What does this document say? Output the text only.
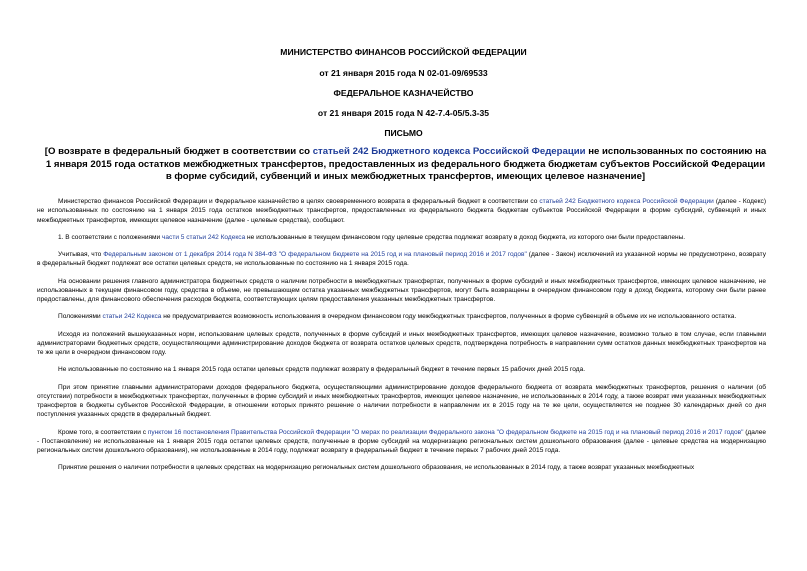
МИНИСТЕРСТВО ФИНАНСОВ РОССИЙСКОЙ ФЕДЕРАЦИИ
от 21 января 2015 года N 02-01-09/69533
ФЕДЕРАЛЬНОЕ КАЗНАЧЕЙСТВО
от 21 января 2015 года N 42-7.4-05/5.3-35
ПИСЬМО
[О возврате в федеральный бюджет в соответствии со статьей 242 Бюджетного кодекса Российской Федерации не использованных по состоянию на 1 января 2015 года остатков межбюджетных трансфертов, предоставленных из федерального бюджета бюджетам субъектов Российской Федерации в форме субсидий, субвенций и иных межбюджетных трансфертов, имеющих целевое назначение]

Министерство финансов Российской Федерации и Федеральное казначейство в целях своевременного возврата в федеральный бюджет в соответствии со статьей 242 Бюджетного кодекса Российской Федерации (далее - Кодекс) не использованных по состоянию на 1 января 2015 года остатков межбюджетных трансфертов, предоставленных из федерального бюджета бюджетам субъектов Российской Федерации в форме субсидий, субвенций и иных межбюджетных трансфертов, имеющих целевое назначение (далее - целевые средства), сообщают.

1. В соответствии с положениями части 5 статьи 242 Кодекса не использованные в текущем финансовом году целевые средства подлежат возврату в доход бюджета, из которого они были предоставлены.

Учитывая, что Федеральным законом от 1 декабря 2014 года N 384-ФЗ "О федеральном бюджете на 2015 год и на плановый период 2016 и 2017 годов" (далее - Закон) исключений из указанной нормы не предусмотрено, возврату в федеральный бюджет подлежат все остатки целевых средств, не использованные по состоянию на 1 января 2015 года.

На основании решения главного администратора бюджетных средств о наличии потребности в межбюджетных трансфертах, полученных в форме субсидий и иных межбюджетных трансфертов, имеющих целевое назначение, не использованных в текущем финансовом году, средства в объеме, не превышающем остатка указанных межбюджетных трансфертов, могут быть возвращены в очередном финансовом году в доход бюджета, которому они были ранее предоставлены, для финансового обеспечения расходов бюджета, соответствующих целям предоставления указанных межбюджетных трансфертов.

Положениями статьи 242 Кодекса не предусматривается возможность использования в очередном финансовом году межбюджетных трансфертов, полученных в форме субвенций в объеме их не использованного остатка.

Исходя из положений вышеуказанных норм, использование целевых средств, полученных в форме субсидий и иных межбюджетных трансфертов, имеющих целевое назначение, возможно только в том случае, если главными администраторами бюджетных средств, осуществляющими администрирование доходов бюджета от возврата остатков целевых средств, подтверждена потребность в направлении сумм остатков данных межбюджетных трансфертов на те же цели в очередном финансовом году.

Не использованные по состоянию на 1 января 2015 года остатки целевых средств подлежат возврату в федеральный бюджет в течение первых 15 рабочих дней 2015 года.

При этом принятие главными администраторами доходов федерального бюджета, осуществляющими администрирование доходов федерального бюджета от возврата межбюджетных трансфертов, решения о наличии (об отсутствии) потребности в межбюджетных трансфертах, полученных в форме субсидий и иных межбюджетных трансфертов, имеющих целевое назначение, не использованных в 2014 году, а также возврат ими указанных межбюджетных трансфертов в бюджеты субъектов Российской Федерации, в отношении которых принято решение о наличии потребности в направлении их в 2015 году на те же цели, осуществляется не позднее 30 календарных дней со дня поступления указанных средств в федеральный бюджет.

Кроме того, в соответствии с пунктом 16 постановления Правительства Российской Федерации "О мерах по реализации Федерального закона "О федеральном бюджете на 2015 год и на плановый период 2016 и 2017 годов" (далее - Постановление) не использованные на 1 января 2015 года остатки целевых средств, полученные в форме субсидий на модернизацию региональных систем дошкольного образования (далее - целевые средства на модернизацию региональных систем дошкольного образования), не использованные в 2014 году, подлежат возврату в федеральный бюджет в течение первых 7 рабочих дней 2015 года.

Принятие решения о наличии потребности в целевых средствах на модернизацию региональных систем дошкольного образования, не использованных в 2014 году, а также возврат указанных межбюджетных
